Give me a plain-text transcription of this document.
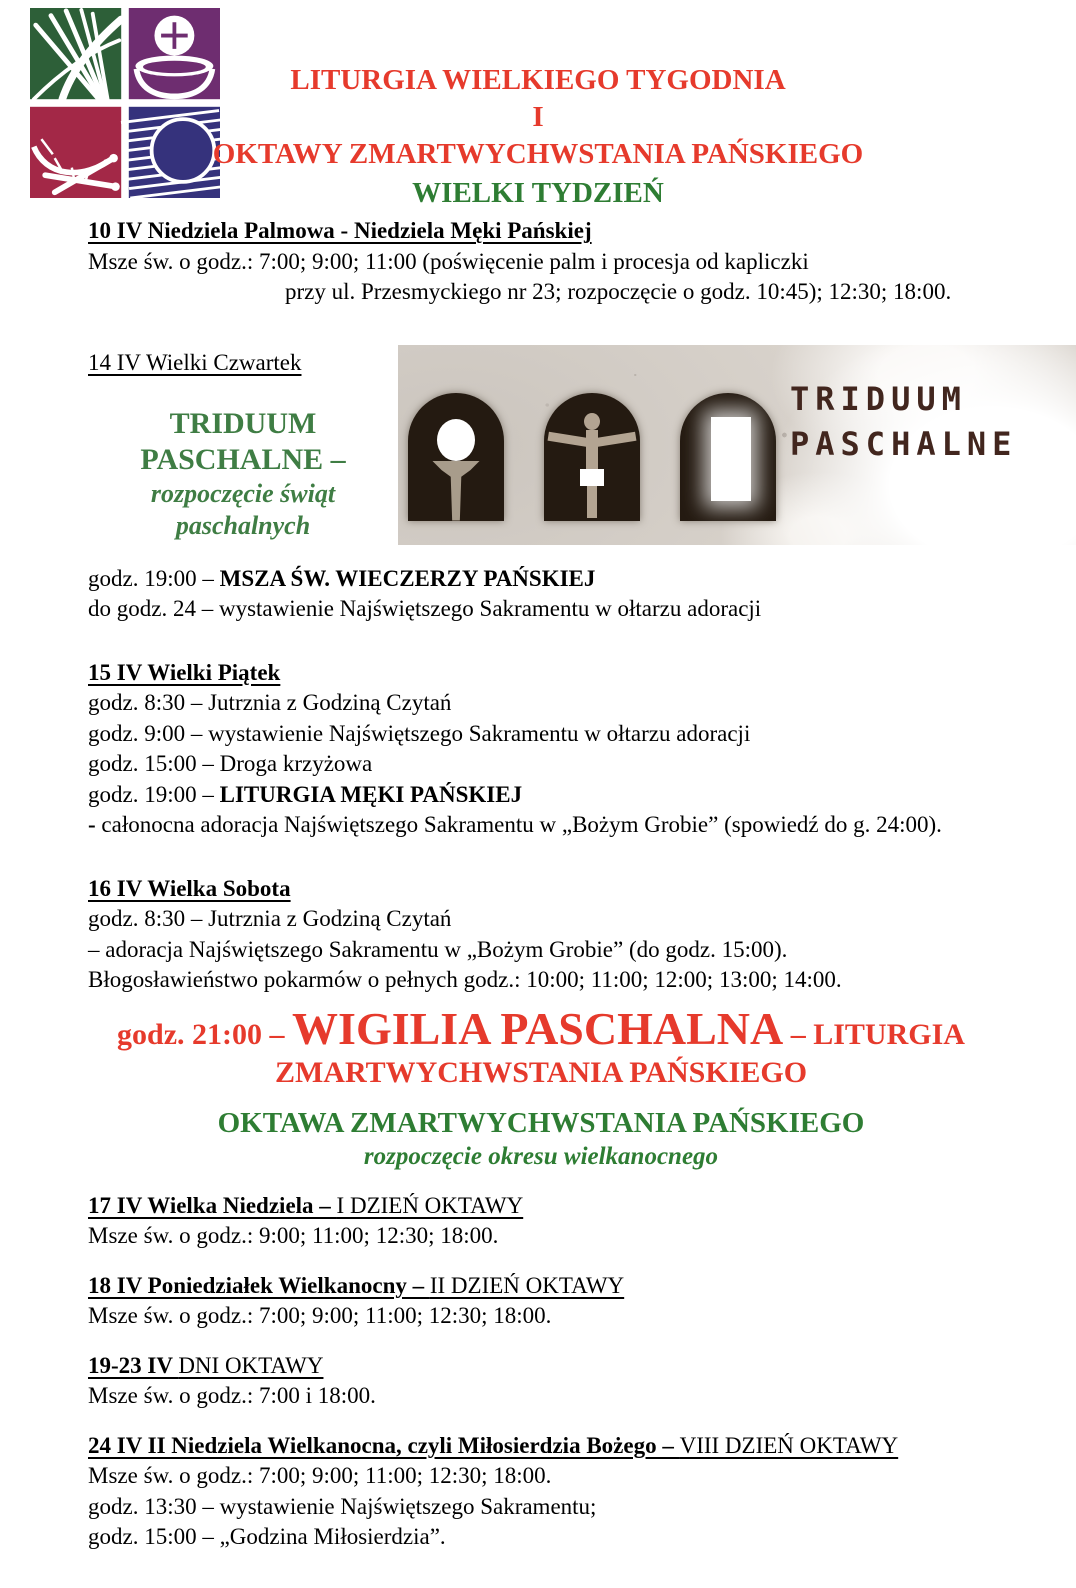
LITURGIA WIELKIEGO TYGODNIA
I
OKTAWY ZMARTWYCHWSTANIA PAŃSKIEGO
WIELKI TYDZIEŃ
10 IV Niedziela Palmowa - Niedziela Męki Pańskiej
Msze św. o godz.: 7:00; 9:00; 11:00 (poświęcenie palm i procesja od kapliczki
przy ul. Przesmyckiego nr 23; rozpoczęcie o godz. 10:45); 12:30; 18:00.
14 IV Wielki Czwartek
TRIDUUM
PASCHALNE –
rozpoczęcie świąt
paschalnych
TRIDUUM
PASCHALNE
godz. 19:00 – MSZA ŚW. WIECZERZY PAŃSKIEJ
do godz. 24 – wystawienie Najświętszego Sakramentu w ołtarzu adoracji
15 IV Wielki Piątek
godz. 8:30 – Jutrznia z Godziną Czytań
godz. 9:00 – wystawienie Najświętszego Sakramentu w ołtarzu adoracji
godz. 15:00 – Droga krzyżowa
godz. 19:00 – LITURGIA MĘKI PAŃSKIEJ
- całonocna adoracja Najświętszego Sakramentu w „Bożym Grobie” (spowiedź do g. 24:00).
16 IV Wielka Sobota
godz. 8:30 – Jutrznia z Godziną Czytań
– adoracja Najświętszego Sakramentu w „Bożym Grobie” (do godz. 15:00).
Błogosławieństwo pokarmów o pełnych godz.: 10:00; 11:00; 12:00; 13:00; 14:00.
godz. 21:00 – WIGILIA PASCHALNA – LITURGIA
ZMARTWYCHWSTANIA PAŃSKIEGO
OKTAWA ZMARTWYCHWSTANIA PAŃSKIEGO
rozpoczęcie okresu wielkanocnego
17 IV Wielka Niedziela – I DZIEŃ OKTAWY
Msze św. o godz.: 9:00; 11:00; 12:30; 18:00.
18 IV Poniedziałek Wielkanocny – II DZIEŃ OKTAWY
Msze św. o godz.: 7:00; 9:00; 11:00; 12:30; 18:00.
19-23 IV DNI OKTAWY
Msze św. o godz.: 7:00 i 18:00.
24 IV II Niedziela Wielkanocna, czyli Miłosierdzia Bożego – VIII DZIEŃ OKTAWY
Msze św. o godz.: 7:00; 9:00; 11:00; 12:30; 18:00.
godz. 13:30 – wystawienie Najświętszego Sakramentu;
godz. 15:00 – „Godzina Miłosierdzia”.
